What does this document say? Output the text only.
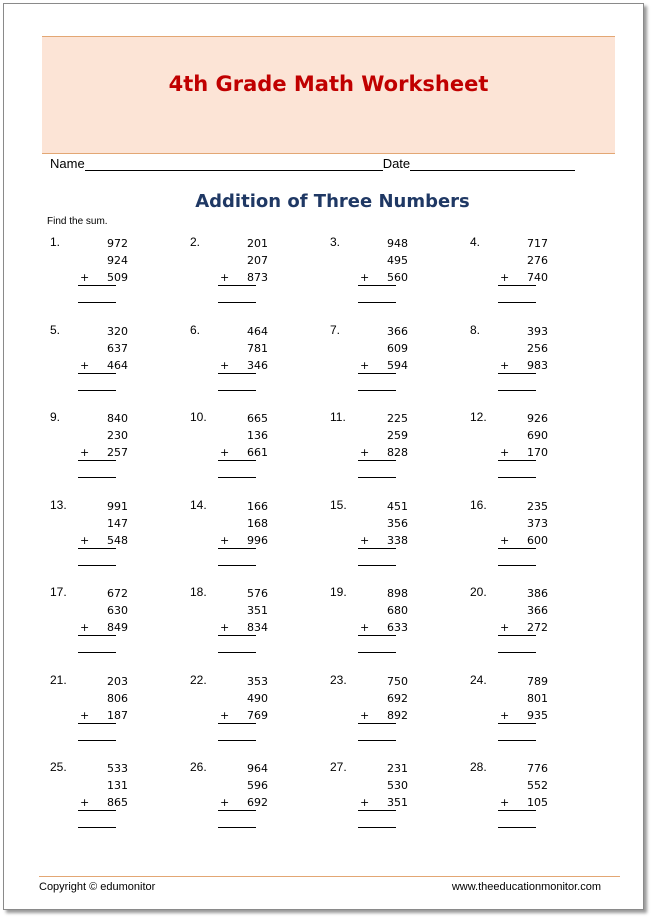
4th Grade Math Worksheet
Name	Date
Addition of Three Numbers
Find the sum.
1.	972
924
+	509
2.	201
207
+	873
3.	948
495
+	560
4.	717
276
+	740
5.	320
637
+	464
6.	464
781
+	346
7.	366
609
+	594
8.	393
256
+	983
9.	840
230
+	257
10.	665
136
+	661
11.	225
259
+	828
12.	926
690
+	170
13.	991
147
+	548
14.	166
168
+	996
15.	451
356
+	338
16.	235
373
+	600
17.	672
630
+	849
18.	576
351
+	834
19.	898
680
+	633
20.	386
366
+	272
21.	203
806
+	187
22.	353
490
+	769
23.	750
692
+	892
24.	789
801
+	935
25.	533
131
+	865
26.	964
596
+	692
27.	231
530
+	351
28.	776
552
+	105
Copyright © edumonitor	www.theeducationmonitor.com
